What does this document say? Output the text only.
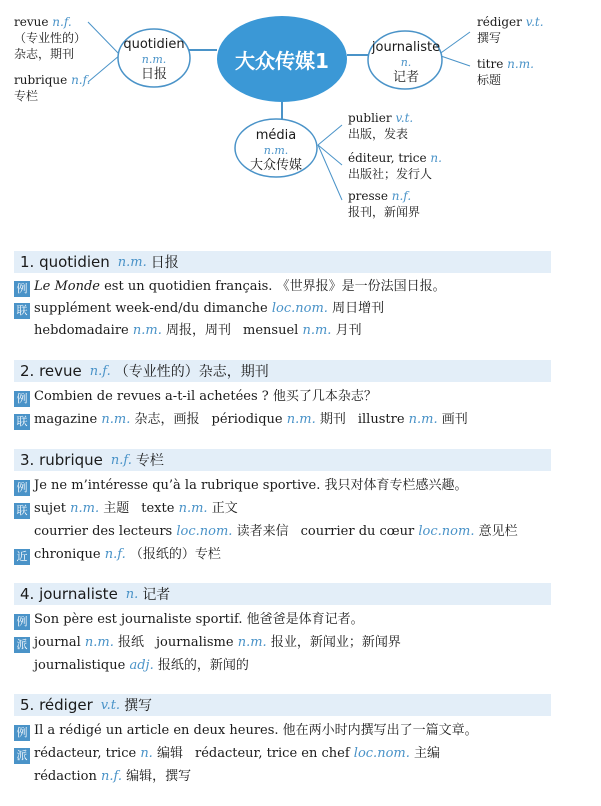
大众传媒1
quotidien
n.m.
日报
journaliste
n.
记者
média
n.m.
大众传媒
revue n.f.
（专业性的）
杂志，期刊
rubrique n.f.
专栏
rédiger v.t.
撰写
titre n.m.
标题
publier v.t.
出版，发表
éditeur, trice n.
出版社；发行人
presse n.f.
报刊，新闻界
1. quotidien n.m. 日报
例 Le Monde est un quotidien français. 《世界报》是一份法国日报。
联 supplément week-end/du dimanche loc.nom. 周日增刊
hebdomadaire n.m. 周报，周刊 mensuel n.m. 月刊
2. revue n.f. （专业性的）杂志，期刊
例 Combien de revues a-t-il achetées ? 他买了几本杂志？
联 magazine n.m. 杂志，画报 périodique n.m. 期刊 illustre n.m. 画刊
3. rubrique n.f. 专栏
例 Je ne m’intéresse qu’à la rubrique sportive. 我只对体育专栏感兴趣。
联 sujet n.m. 主题 texte n.m. 正文
courrier des lecteurs loc.nom. 读者来信 courrier du cœur loc.nom. 意见栏
近 chronique n.f. （报纸的）专栏
4. journaliste n. 记者
例 Son père est journaliste sportif. 他爸爸是体育记者。
派 journal n.m. 报纸 journalisme n.m. 报业，新闻业；新闻界
journalistique adj. 报纸的，新闻的
5. rédiger v.t. 撰写
例 Il a rédigé un article en deux heures. 他在两小时内撰写出了一篇文章。
派 rédacteur, trice n. 编辑 rédacteur, trice en chef loc.nom. 主编
rédaction n.f. 编辑，撰写
